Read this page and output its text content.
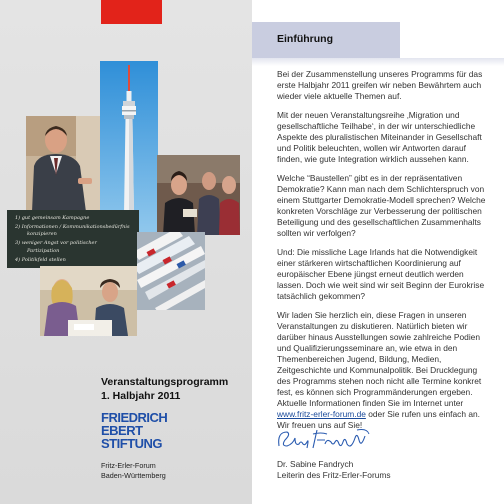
1) gut gemeinsam Kampagne
2) Informationen / Kommunikationsbedürfnis
konzipieren
3) weniger Angst vor politischer
Partizipation
4) Politikfeld stellen
Veranstaltungsprogramm
1. Halbjahr 2011
FRIEDRICH
EBERT
STIFTUNG
Fritz-Erler-Forum
Baden-Württemberg
Einführung

Bei der Zusammenstellung unseres Programms für das erste Halbjahr 2011 greifen wir neben Bewährtem auch wieder viele aktuelle Themen auf.

Mit der neuen Veranstaltungsreihe ‚Migration und gesellschaftliche Teilhabe‘, in der wir unterschiedliche Aspekte des pluralistischen Miteinander in Gesellschaft und Politik beleuchten, wollen wir Antworten darauf finden, wie gute Integration wirklich aussehen kann.

Welche “Baustellen” gibt es in der repräsentativen Demokratie? Kann man nach dem Schlichterspruch von einem Stuttgarter Demokratie-Modell sprechen? Welche konkreten Vorschläge zur Verbesserung der politischen Beteiligung und des gesellschaftlichen Zusammenhalts sollten wir verfolgen?

Und: Die missliche Lage Irlands hat die Notwendigkeit einer stärkeren wirtschaftlichen Koordinierung auf europäischer Ebene jüngst erneut deutlich werden lassen. Doch wie weit sind wir seit Beginn der Eurokrise tatsächlich gekommen?

Wir laden Sie herzlich ein, diese Fragen in unseren Veranstaltungen zu diskutieren. Natürlich bieten wir darüber hinaus Ausstellungen sowie zahlreiche Podien und Qualifizierungsseminare an, wie etwa in den Themenbereichen Jugend, Bildung, Medien, Zeitgeschichte und Kommunalpolitik. Bei Drucklegung des Programms stehen noch nicht alle Termine konkret fest, es können sich Programmänderungen ergeben. Aktuelle Informationen finden Sie im Internet unter www.fritz-erler-forum.de oder Sie rufen uns einfach an. Wir freuen uns auf Sie!

Dr. Sabine Fandrych
Leiterin des Fritz-Erler-Forums
